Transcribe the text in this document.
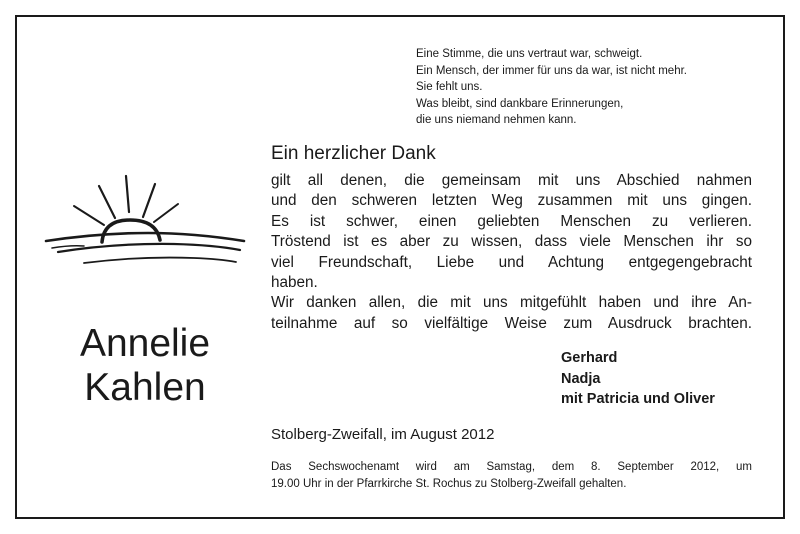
Eine Stimme, die uns vertraut war, schweigt.
Ein Mensch, der immer für uns da war, ist nicht mehr.
Sie fehlt uns.
Was bleibt, sind dankbare Erinnerungen,
die uns niemand nehmen kann.
Ein herzlicher Dank
gilt all denen, die gemeinsam mit uns Abschied nahmen
und den schweren letzten Weg zusammen mit uns gingen.
Es ist schwer, einen geliebten Menschen zu verlieren.
Tröstend ist es aber zu wissen, dass viele Menschen ihr so
viel Freundschaft, Liebe und Achtung entgegengebracht
haben.
Wir danken allen, die mit uns mitgefühlt haben und ihre An-
teilnahme auf so vielfältige Weise zum Ausdruck brachten.
Gerhard
Nadja
mit Patricia und Oliver
Stolberg-Zweifall, im August 2012
Das Sechswochenamt wird am Samstag, dem 8. September 2012, um
19.00 Uhr in der Pfarrkirche St. Rochus zu Stolberg-Zweifall gehalten.
Annelie
Kahlen
